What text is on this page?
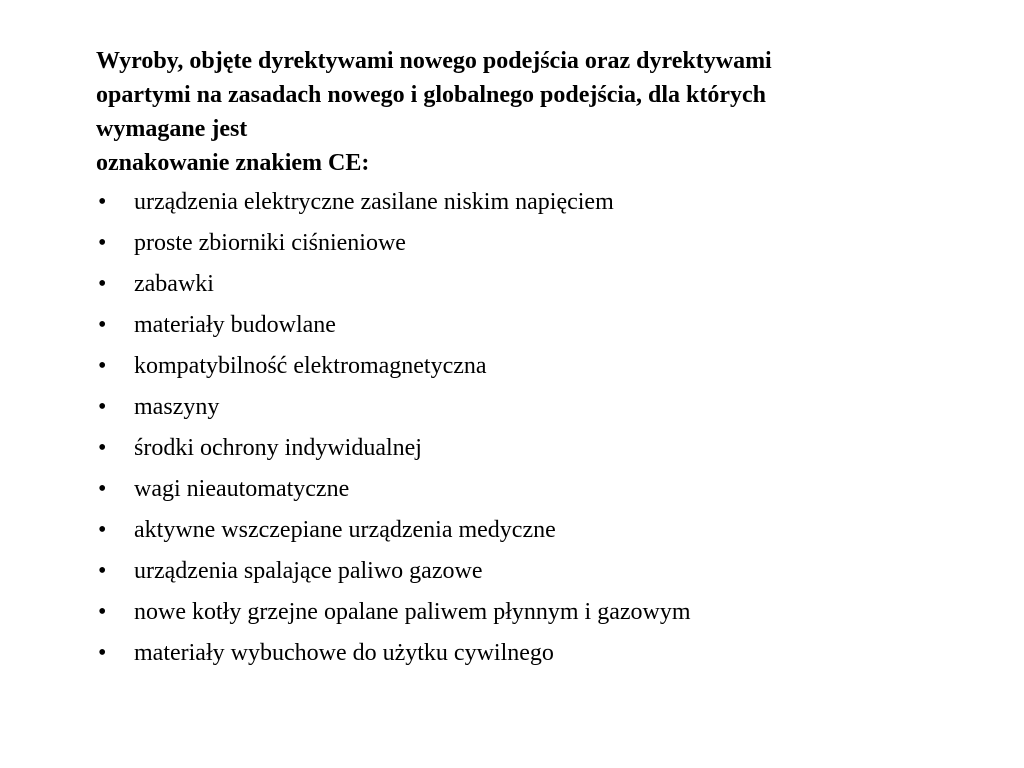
Wyroby, objęte dyrektywami nowego podejścia oraz dyrektywami
opartymi na zasadach nowego i globalnego podejścia, dla których
wymagane jest
oznakowanie znakiem CE:
•	urządzenia elektryczne zasilane niskim napięciem
•	proste zbiorniki ciśnieniowe
•	zabawki
•	materiały budowlane
•	kompatybilność elektromagnetyczna
•	maszyny
•	środki ochrony indywidualnej
•	wagi nieautomatyczne
•	aktywne wszczepiane urządzenia medyczne
•	urządzenia spalające paliwo gazowe
•	nowe kotły grzejne opalane paliwem płynnym i gazowym
•	materiały wybuchowe do użytku cywilnego
